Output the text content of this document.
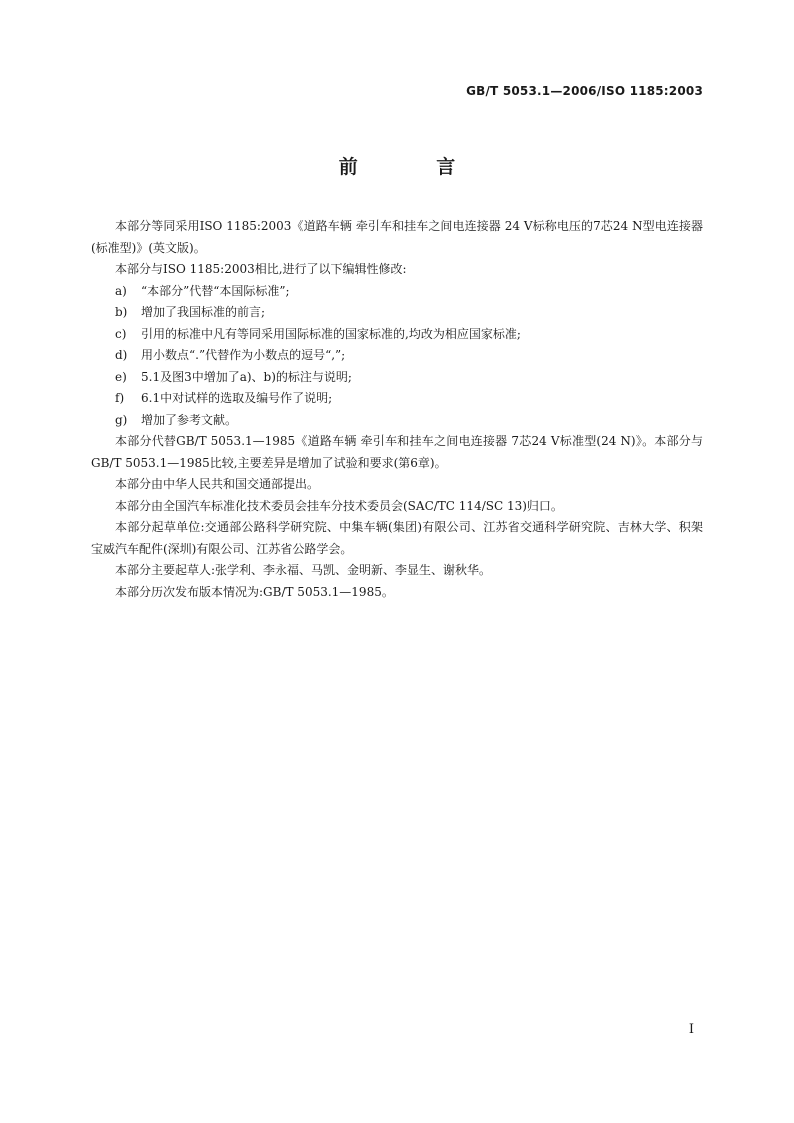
GB/T 5053.1—2006/ISO 1185:2003
前 言

本部分等同采用ISO 1185:2003《道路车辆 牵引车和挂车之间电连接器 24 V标称电压的7芯24 N型电连接器(标准型)》(英文版)。

本部分与ISO 1185:2003相比,进行了以下编辑性修改:

a) “本部分”代替“本国际标准”;

b) 增加了我国标准的前言;

c) 引用的标准中凡有等同采用国际标准的国家标准的,均改为相应国家标准;

d) 用小数点“.”代替作为小数点的逗号“,”;

e) 5.1及图3中增加了a)、b)的标注与说明;

f) 6.1中对试样的选取及编号作了说明;

g) 增加了参考文献。

本部分代替GB/T 5053.1—1985《道路车辆 牵引车和挂车之间电连接器 7芯24 V标准型(24 N)》。本部分与GB/T 5053.1—1985比较,主要差异是增加了试验和要求(第6章)。

本部分由中华人民共和国交通部提出。

本部分由全国汽车标准化技术委员会挂车分技术委员会(SAC/TC 114/SC 13)归口。

本部分起草单位:交通部公路科学研究院、中集车辆(集团)有限公司、江苏省交通科学研究院、吉林大学、积架宝威汽车配件(深圳)有限公司、江苏省公路学会。

本部分主要起草人:张学利、李永福、马凯、金明新、李显生、谢秋华。

本部分历次发布版本情况为:GB/T 5053.1—1985。

I
